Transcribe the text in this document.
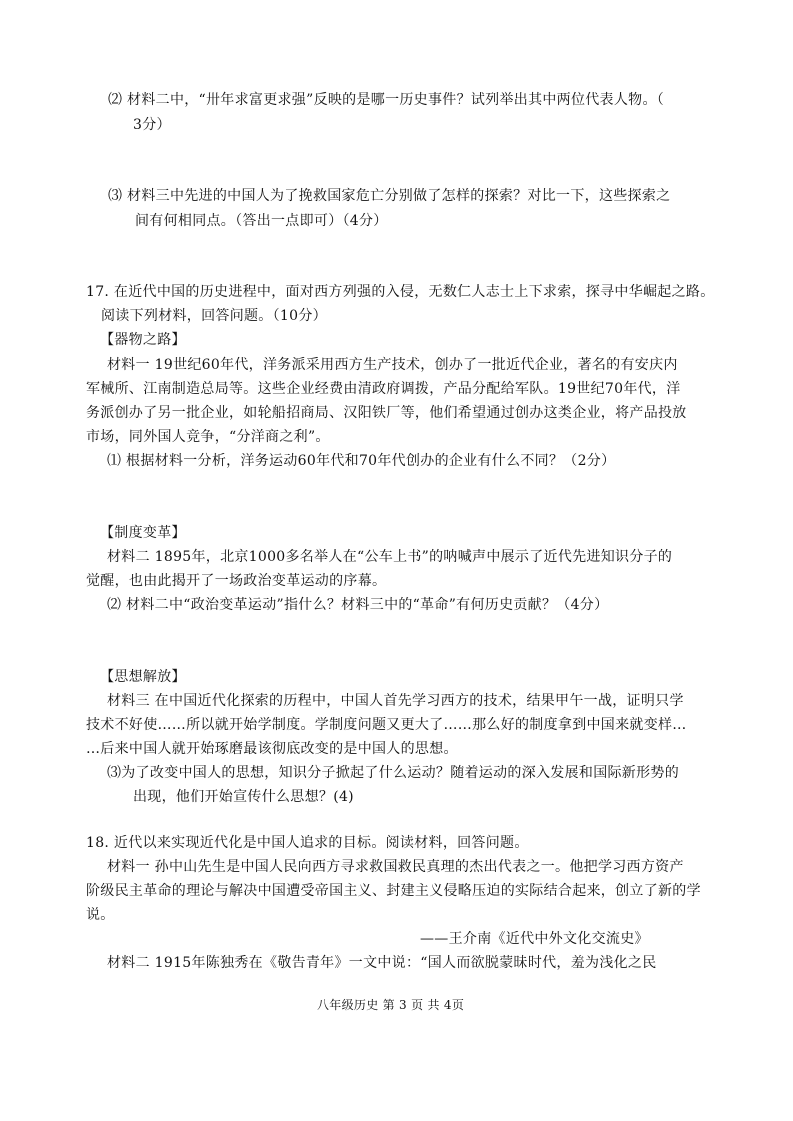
⑵ 材料二中，“卅年求富更求强”反映的是哪一历史事件？试列举出其中两位代表人物。（
3分）
⑶ 材料三中先进的中国人为了挽救国家危亡分别做了怎样的探索？对比一下，这些探索之
间有何相同点。（答出一点即可）（4分）
17. 在近代中国的历史进程中，面对西方列强的入侵，无数仁人志士上下求索，探寻中华崛起之路。
阅读下列材料，回答问题。（10分）
【器物之路】
材料一 19世纪60年代，洋务派采用西方生产技术，创办了一批近代企业，著名的有安庆内
军械所、江南制造总局等。这些企业经费由清政府调拨，产品分配给军队。19世纪70年代，洋
务派创办了另一批企业，如轮船招商局、汉阳铁厂等，他们希望通过创办这类企业，将产品投放
市场，同外国人竞争，“分洋商之利”。
⑴ 根据材料一分析，洋务运动60年代和70年代创办的企业有什么不同？（2分）
【制度变革】
材料二 1895年，北京1000多名举人在“公车上书”的呐喊声中展示了近代先进知识分子的
觉醒，也由此揭开了一场政治变革运动的序幕。
⑵ 材料二中“政治变革运动”指什么？材料三中的“革命”有何历史贡献？（4分）
【思想解放】
材料三 在中国近代化探索的历程中，中国人首先学习西方的技术，结果甲午一战，证明只学
技术不好使……所以就开始学制度。学制度问题又更大了……那么好的制度拿到中国来就变样…
…后来中国人就开始琢磨最该彻底改变的是中国人的思想。
⑶为了改变中国人的思想，知识分子掀起了什么运动？随着运动的深入发展和国际新形势的
出现，他们开始宣传什么思想？(4)
18. 近代以来实现近代化是中国人追求的目标。阅读材料，回答问题。
材料一 孙中山先生是中国人民向西方寻求救国救民真理的杰出代表之一。他把学习西方资产
阶级民主革命的理论与解决中国遭受帝国主义、封建主义侵略压迫的实际结合起来，创立了新的学
说。
——王介南《近代中外文化交流史》
材料二 1915年陈独秀在《敬告青年》一文中说：“国人而欲脱蒙昧时代，羞为浅化之民
八年级历史 第 3 页 共 4页
